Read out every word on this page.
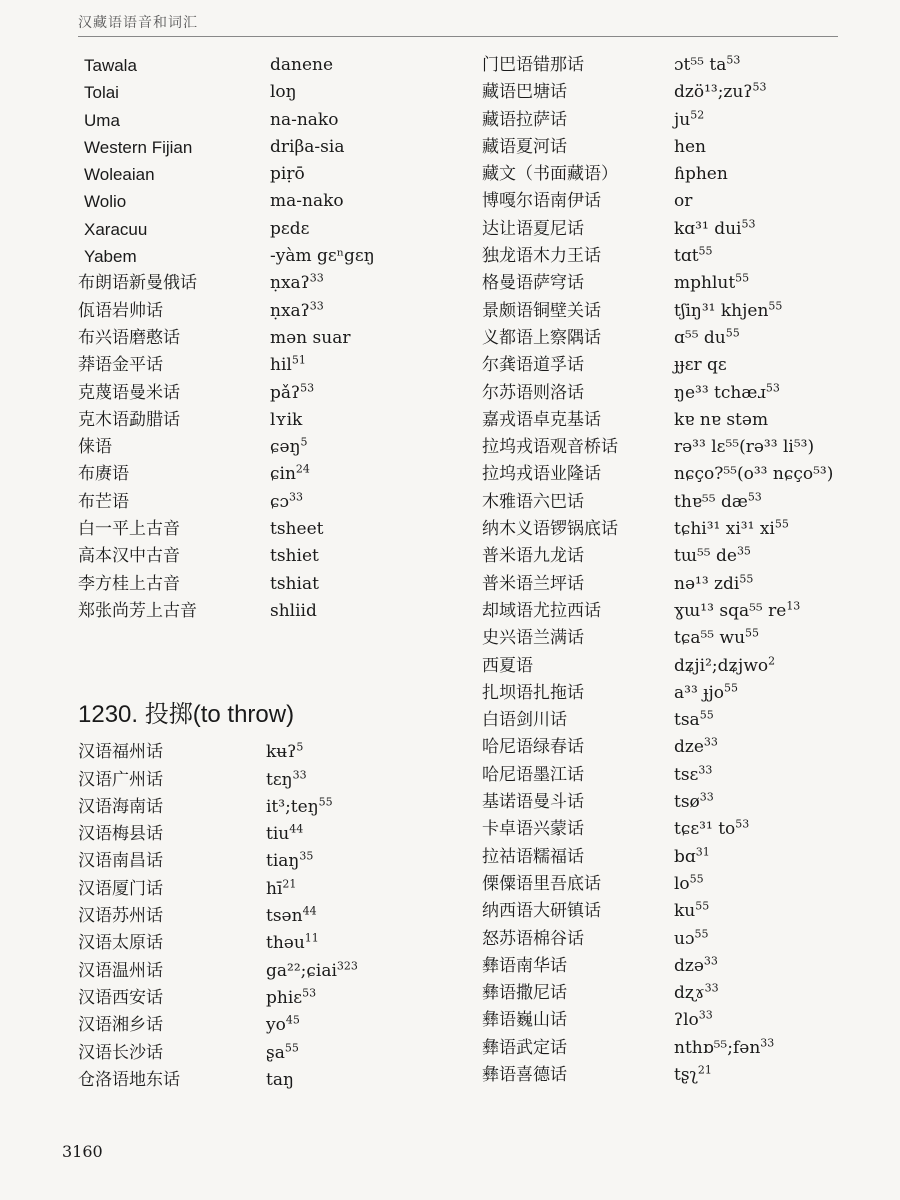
汉藏语语音和词汇
Tawala	danene
Tolai	loŋ
Uma	na-nako
Western Fijian	driβa-sia
Woleaian	piṛō
Wolio	ma-nako
Xaracuu	pɛdɛ
Yabem	-yàm gɛⁿgɛŋ
布朗语新曼俄话	ṇxaʔ$^{33}$
佤语岩帅话	ṇxaʔ$^{33}$
布兴语磨憨话	mən suar
莽语金平话	hil$^{51}$
克蔑语曼米话	pǎʔ$^{53}$
克木语勐腊话	lʏik
俫语	ɕəŋ$^5$
布赓语	ɕin$^{24}$
布芒语	ɕɔ$^{33}$
白一平上古音	tsheet
高本汉中古音	tshiet
李方桂上古音	tshiat
郑张尚芳上古音	shliid
1230. 投掷(to throw)
汉语福州话	kʉʔ$^5$
汉语广州话	tɛŋ$^{33}$
汉语海南话	it³;teŋ$^{55}$
汉语梅县话	tiu$^{44}$
汉语南昌话	tiaŋ$^{35}$
汉语厦门话	$hī^{21}$
汉语苏州话	tsən$^{44}$
汉语太原话	thəu$^{11}$
汉语温州话	ga²²;ɕiai$^{323}$
汉语西安话	phiɛ$^{53}$
汉语湘乡话	$yo^{45}$
汉语长沙话	ʂa$^{55}$
仓洛语地东话	taŋ
门巴语错那话	ɔt⁵⁵ $ta^{53}$
藏语巴塘话	dzö¹³;zuʔ$^{53}$
藏语拉萨话	$ju^{52}$
藏语夏河话	hen
藏文（书面藏语）	ɦphen
博嘎尔语南伊话	or
达让语夏尼话	kɑ³¹ dui$^{53}$
独龙语木力王话	tɑt$^{55}$
格曼语萨穹话	mphlut$^{55}$
景颇语铜壁关话	tʃiŋ³¹ khjen$^{55}$
义都语上察隅话	ɑ⁵⁵ $du^{55}$
尔龚语道孚话	ɟɟɛr qɛ
尔苏语则洛话	ŋe³³ tchæɹ$^{53}$
嘉戎语卓克基话	kɐ nɐ stəm
拉坞戎语观音桥话	rə³³ lɛ⁵⁵(rə³³ li⁵³)
拉坞戎语业隆话	nɕço?⁵⁵(o³³ nɕço⁵³)
木雅语六巴话	thɐ⁵⁵ $dæ^{53}$
纳木义语锣锅底话	tɕhi³¹ xi³¹ $xi^{55}$
普米语九龙话	tɯ⁵⁵ $de^{35}$
普米语兰坪话	nə¹³ zdi$^{55}$
却域语尤拉西话	ɣɯ¹³ sqa⁵⁵ $re^{13}$
史兴语兰满话	tɕa⁵⁵ $wu^{55}$
西夏语	dʑji²;dʑjwo$^2$
扎坝语扎拖话	a³³ ɟjo$^{55}$
白语剑川话	tsa$^{55}$
哈尼语绿春话	dze$^{33}$
哈尼语墨江话	tsɛ$^{33}$
基诺语曼斗话	tsø$^{33}$
卡卓语兴蒙话	tɕɛ³¹ $to^{53}$
拉祜语糯福话	bɑ$^{31}$
傈僳语里吾底话	$lo^{55}$
纳西语大研镇话	$ku^{55}$
怒苏语棉谷话	uɔ$^{55}$
彝语南华话	dzə$^{33}$
彝语撒尼话	dʐɤ$^{33}$
彝语巍山话	ʔlo$^{33}$
彝语武定话	nthɒ⁵⁵;fən$^{33}$
彝语喜德话	tʂʅ$^{21}$
3160
